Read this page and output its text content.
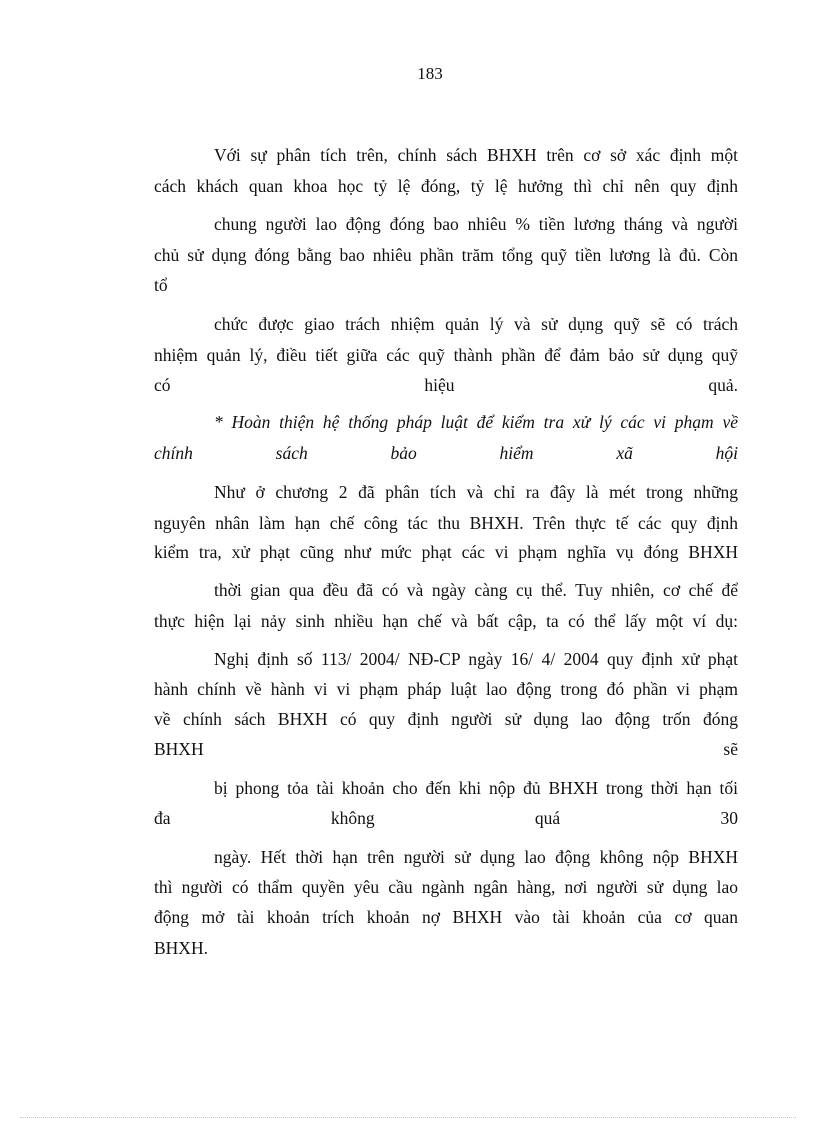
183
Với sự phân tích trên, chính sách BHXH trên cơ sở xác định một
cách khách quan khoa học tỷ lệ đóng, tỷ lệ hưởng thì chỉ nên quy định
chung người lao động đóng bao nhiêu % tiền lương tháng và người
chủ sử dụng đóng bằng bao nhiêu phần trăm tổng quỹ tiền lương là đủ. Còn
tổ
chức được giao trách nhiệm quản lý và sử dụng quỹ sẽ có trách
nhiệm quản lý, điều tiết giữa các quỹ thành phần để đảm bảo sử dụng quỹ
có hiệu quả.
* Hoàn thiện hệ thống pháp luật để kiểm tra xử lý các vi phạm về
chính sách bảo hiểm xã hội
Như ở chương 2 đã phân tích và chỉ ra đây là mét trong những
nguyên nhân làm hạn chế công tác thu BHXH. Trên thực tế các quy định
kiểm tra, xử phạt cũng như mức phạt các vi phạm nghĩa vụ đóng BHXH
thời gian qua đều đã có và ngày càng cụ thể. Tuy nhiên, cơ chế để
thực hiện lại nảy sinh nhiều hạn chế và bất cập, ta có thể lấy một ví dụ:
Nghị định số 113/ 2004/ NĐ-CP ngày 16/ 4/ 2004 quy định xử phạt
hành chính về hành vi vi phạm pháp luật lao động trong đó phần vi phạm
về chính sách BHXH có quy định người sử dụng lao động trốn đóng
BHXH sẽ
bị phong tỏa tài khoản cho đến khi nộp đủ BHXH trong thời hạn tối
đa không quá 30
ngày. Hết thời hạn trên người sử dụng lao động không nộp BHXH
thì người có thẩm quyền yêu cầu ngành ngân hàng, nơi người sử dụng lao
động mở tài khoản trích khoản nợ BHXH vào tài khoản của cơ quan
BHXH.
